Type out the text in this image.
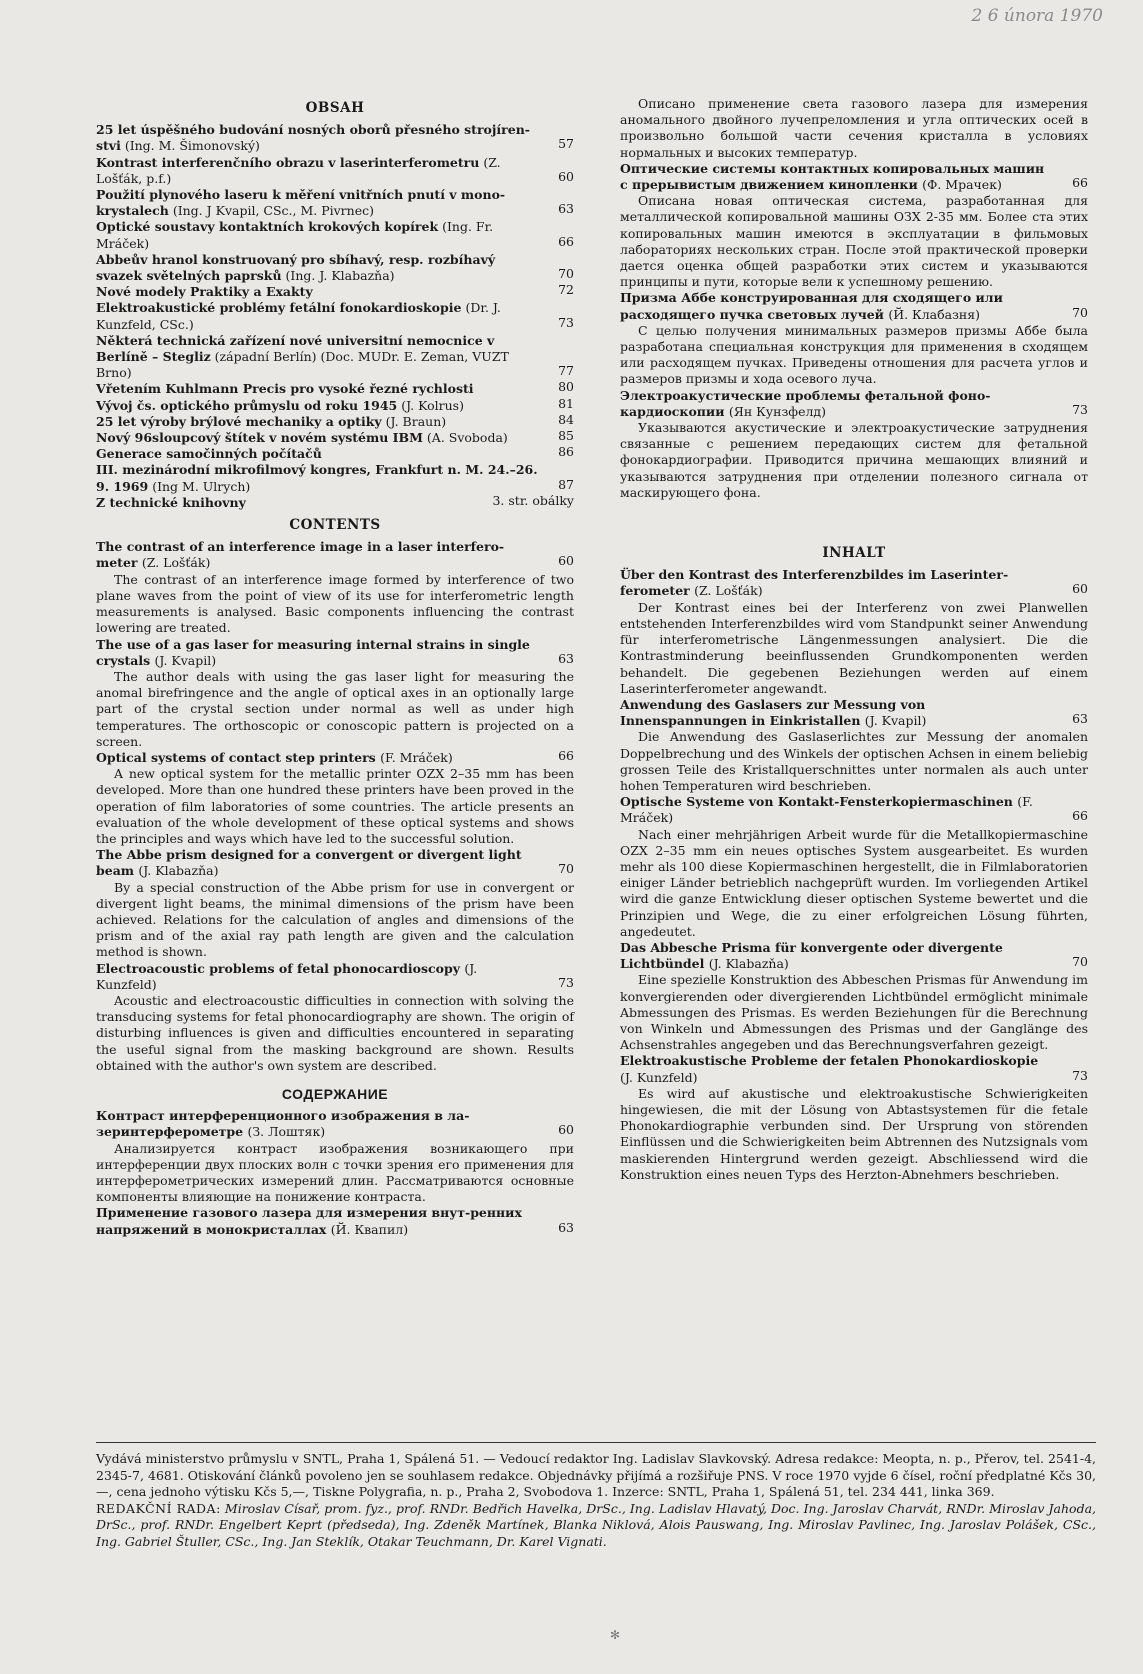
2 6 února 1970
OBSAH
25 let úspěšného budování nosných oborů přesného strojíren-stvi (Ing. M. Šimonovský)	57
Kontrast interferenčního obrazu v laserinterferometru (Z. Lošťák, p.f.)	60
Použití plynového laseru k měření vnitřních pnutí v mono-krystalech (Ing. J Kvapil, CSc., M. Pivrnec)	63
Optické soustavy kontaktních krokových kopírek (Ing. Fr. Mráček)	66
Abbeův hranol konstruovaný pro sbíhavý, resp. rozbíhavý svazek světelných paprsků (Ing. J. Klabazňa)	70
Nové modely Praktiky a Exakty	72
Elektroakustické problémy fetální fonokardioskopie (Dr. J. Kunzfeld, CSc.)	73
Některá technická zařízení nové universitní nemocnice v Berlíně – Stegliz (západní Berlín) (Doc. MUDr. E. Zeman, VUZT Brno)	77
Vřetením Kuhlmann Precis pro vysoké řezné rychlosti	80
Vývoj čs. optického průmyslu od roku 1945 (J. Kolrus)	81
25 let výroby brýlové mechaniky a optiky (J. Braun)	84
Nový 96sloupcový štítek v novém systému IBM (A. Svoboda)	85
Generace samočinných počítačů	86
III. mezinárodní mikrofilmový kongres, Frankfurt n. M. 24.–26. 9. 1969 (Ing M. Ulrych)	87
Z technické knihovny	3. str. obálky
CONTENTS
The contrast of an interference image in a laser interfero-meter (Z. Lošťák)	60
The contrast of an interference image formed by interference of two plane waves from the point of view of its use for interferometric length measurements is analysed. Basic components influencing the contrast lowering are treated.
The use of a gas laser for measuring internal strains in single crystals (J. Kvapil)	63
The author deals with using the gas laser light for measuring the anomal birefringence and the angle of optical axes in an optionally large part of the crystal section under normal as well as under high temperatures. The orthoscopic or conoscopic pattern is projected on a screen.
Optical systems of contact step printers (F. Mráček)	66
A new optical system for the metallic printer OZX 2–35 mm has been developed. More than one hundred these printers have been proved in the operation of film laboratories of some countries. The article presents an evaluation of the whole development of these optical systems and shows the principles and ways which have led to the successful solution.
The Abbe prism designed for a convergent or divergent light beam (J. Klabazňa)	70
By a special construction of the Abbe prism for use in convergent or divergent light beams, the minimal dimensions of the prism have been achieved. Relations for the calculation of angles and dimensions of the prism and of the axial ray path length are given and the calculation method is shown.
Electroacoustic problems of fetal phonocardioscopy (J. Kunzfeld)	73
Acoustic and electroacoustic difficulties in connection with solving the transducing systems for fetal phonocardiography are shown. The origin of disturbing influences is given and difficulties encountered in separating the useful signal from the masking background are shown. Results obtained with the author's own system are described.
СОДЕРЖАНИЕ
Контраст интерференционного изображения в ла-зеринтерферометре (З. Лоштяк)	60
Анализируется контраст изображения возникающего при интерференции двух плоских волн с точки зрения его применения для интерферометрических измерений длин. Рассматриваются основные компоненты влияющие на понижение контраста.
Применение газового лазера для измерения внут-ренних напряжений в монокристаллах (Й. Квапил)	63
Описано применение света газового лазера для измерения аномального двойного лучепреломления и угла оптических осей в произвольно большой части сечения кристалла в условиях нормальных и высоких температур.
Оптические системы контактных копировальных машин с прерывистым движением кинопленки (Ф. Мрачек)	66
Описана новая оптическая система, разработанная для металлической копировальной машины ОЗХ 2-35 мм. Более ста этих копировальных машин имеются в эксплуатации в фильмовых лабораториях нескольких стран. После этой практической проверки дается оценка общей разработки этих систем и указываются принципы и пути, которые вели к успешному решению.
Призма Аббе конструированная для сходящего или расходящего пучка световых лучей (Й. Клабазня)	70
С целью получения минимальных размеров призмы Аббе была разработана специальная конструкция для применения в сходящем или расходящем пучках. Приведены отношения для расчета углов и размеров призмы и хода осевого луча.
Электроакустические проблемы фетальной фоно-кардиоскопии (Ян Кунзфелд)	73
Указываются акустические и электроакустические затруднения связанные с решением передающих систем для фетальной фонокардиографии. Приводится причина мешающих влияний и указываются затруднения при отделении полезного сигнала от маскирующего фона.
INHALT
Über den Kontrast des Interferenzbildes im Laserinter-ferometer (Z. Lošťák)	60
Der Kontrast eines bei der Interferenz von zwei Planwellen entstehenden Interferenzbildes wird vom Standpunkt seiner Anwendung für interferometrische Längenmessungen analysiert. Die die Kontrastminderung beeinflussenden Grundkomponenten werden behandelt. Die gegebenen Beziehungen werden auf einem Laserinterferometer angewandt.
Anwendung des Gaslasers zur Messung von Innenspannungen in Einkristallen (J. Kvapil)	63
Die Anwendung des Gaslaserlichtes zur Messung der anomalen Doppelbrechung und des Winkels der optischen Achsen in einem beliebig grossen Teile des Kristallquerschnittes unter normalen als auch unter hohen Temperaturen wird beschrieben.
Optische Systeme von Kontakt-Fensterkopiermaschinen (F. Mráček)	66
Nach einer mehrjährigen Arbeit wurde für die Metallkopiermaschine OZX 2–35 mm ein neues optisches System ausgearbeitet. Es wurden mehr als 100 diese Kopiermaschinen hergestellt, die in Filmlaboratorien einiger Länder betrieblich nachgeprüft wurden. Im vorliegenden Artikel wird die ganze Entwicklung dieser optischen Systeme bewertet und die Prinzipien und Wege, die zu einer erfolgreichen Lösung führten, angedeutet.
Das Abbesche Prisma für konvergente oder divergente Lichtbündel (J. Klabazňa)	70
Eine spezielle Konstruktion des Abbeschen Prismas für Anwendung im konvergierenden oder divergierenden Lichtbündel ermöglicht minimale Abmessungen des Prismas. Es werden Beziehungen für die Berechnung von Winkeln und Abmessungen des Prismas und der Ganglänge des Achsenstrahles angegeben und das Berechnungsverfahren gezeigt.
Elektroakustische Probleme der fetalen Phonokardioskopie (J. Kunzfeld)	73
Es wird auf akustische und elektroakustische Schwierigkeiten hingewiesen, die mit der Lösung von Abtastsystemen für die fetale Phonokardiographie verbunden sind. Der Ursprung von störenden Einflüssen und die Schwierigkeiten beim Abtrennen des Nutzsignals vom maskierenden Hintergrund werden gezeigt. Abschliessend wird die Konstruktion eines neuen Typs des Herzton-Abnehmers beschrieben.
Vydává ministerstvo průmyslu v SNTL, Praha 1, Spálená 51. — Vedoucí redaktor Ing. Ladislav Slavkovský. Adresa redakce: Meopta, n. p., Přerov, tel. 2541-4, 2345-7, 4681. Otiskování článků povoleno jen se souhlasem redakce. Objednávky přijímá a rozšiřuje PNS. V roce 1970 vyjde 6 čísel, roční předplatné Kčs 30,—, cena jednoho výtisku Kčs 5,—, Tiskne Polygrafia, n. p., Praha 2, Svobodova 1. Inzerce: SNTL, Praha 1, Spálená 51, tel. 234 441, linka 369.
REDAKČNÍ RADA: Miroslav Císař, prom. fyz., prof. RNDr. Bedřich Havelka, DrSc., Ing. Ladislav Hlavatý, Doc. Ing. Jaroslav Charvát, RNDr. Miroslav Jahoda, DrSc., prof. RNDr. Engelbert Keprt (předseda), Ing. Zdeněk Martínek, Blanka Niklová, Alois Pauswang, Ing. Miroslav Pavlinec, Ing. Jaroslav Polášek, CSc., Ing. Gabriel Štuller, CSc., Ing. Jan Steklík, Otakar Teuchmann, Dr. Karel Vignati.
✻
